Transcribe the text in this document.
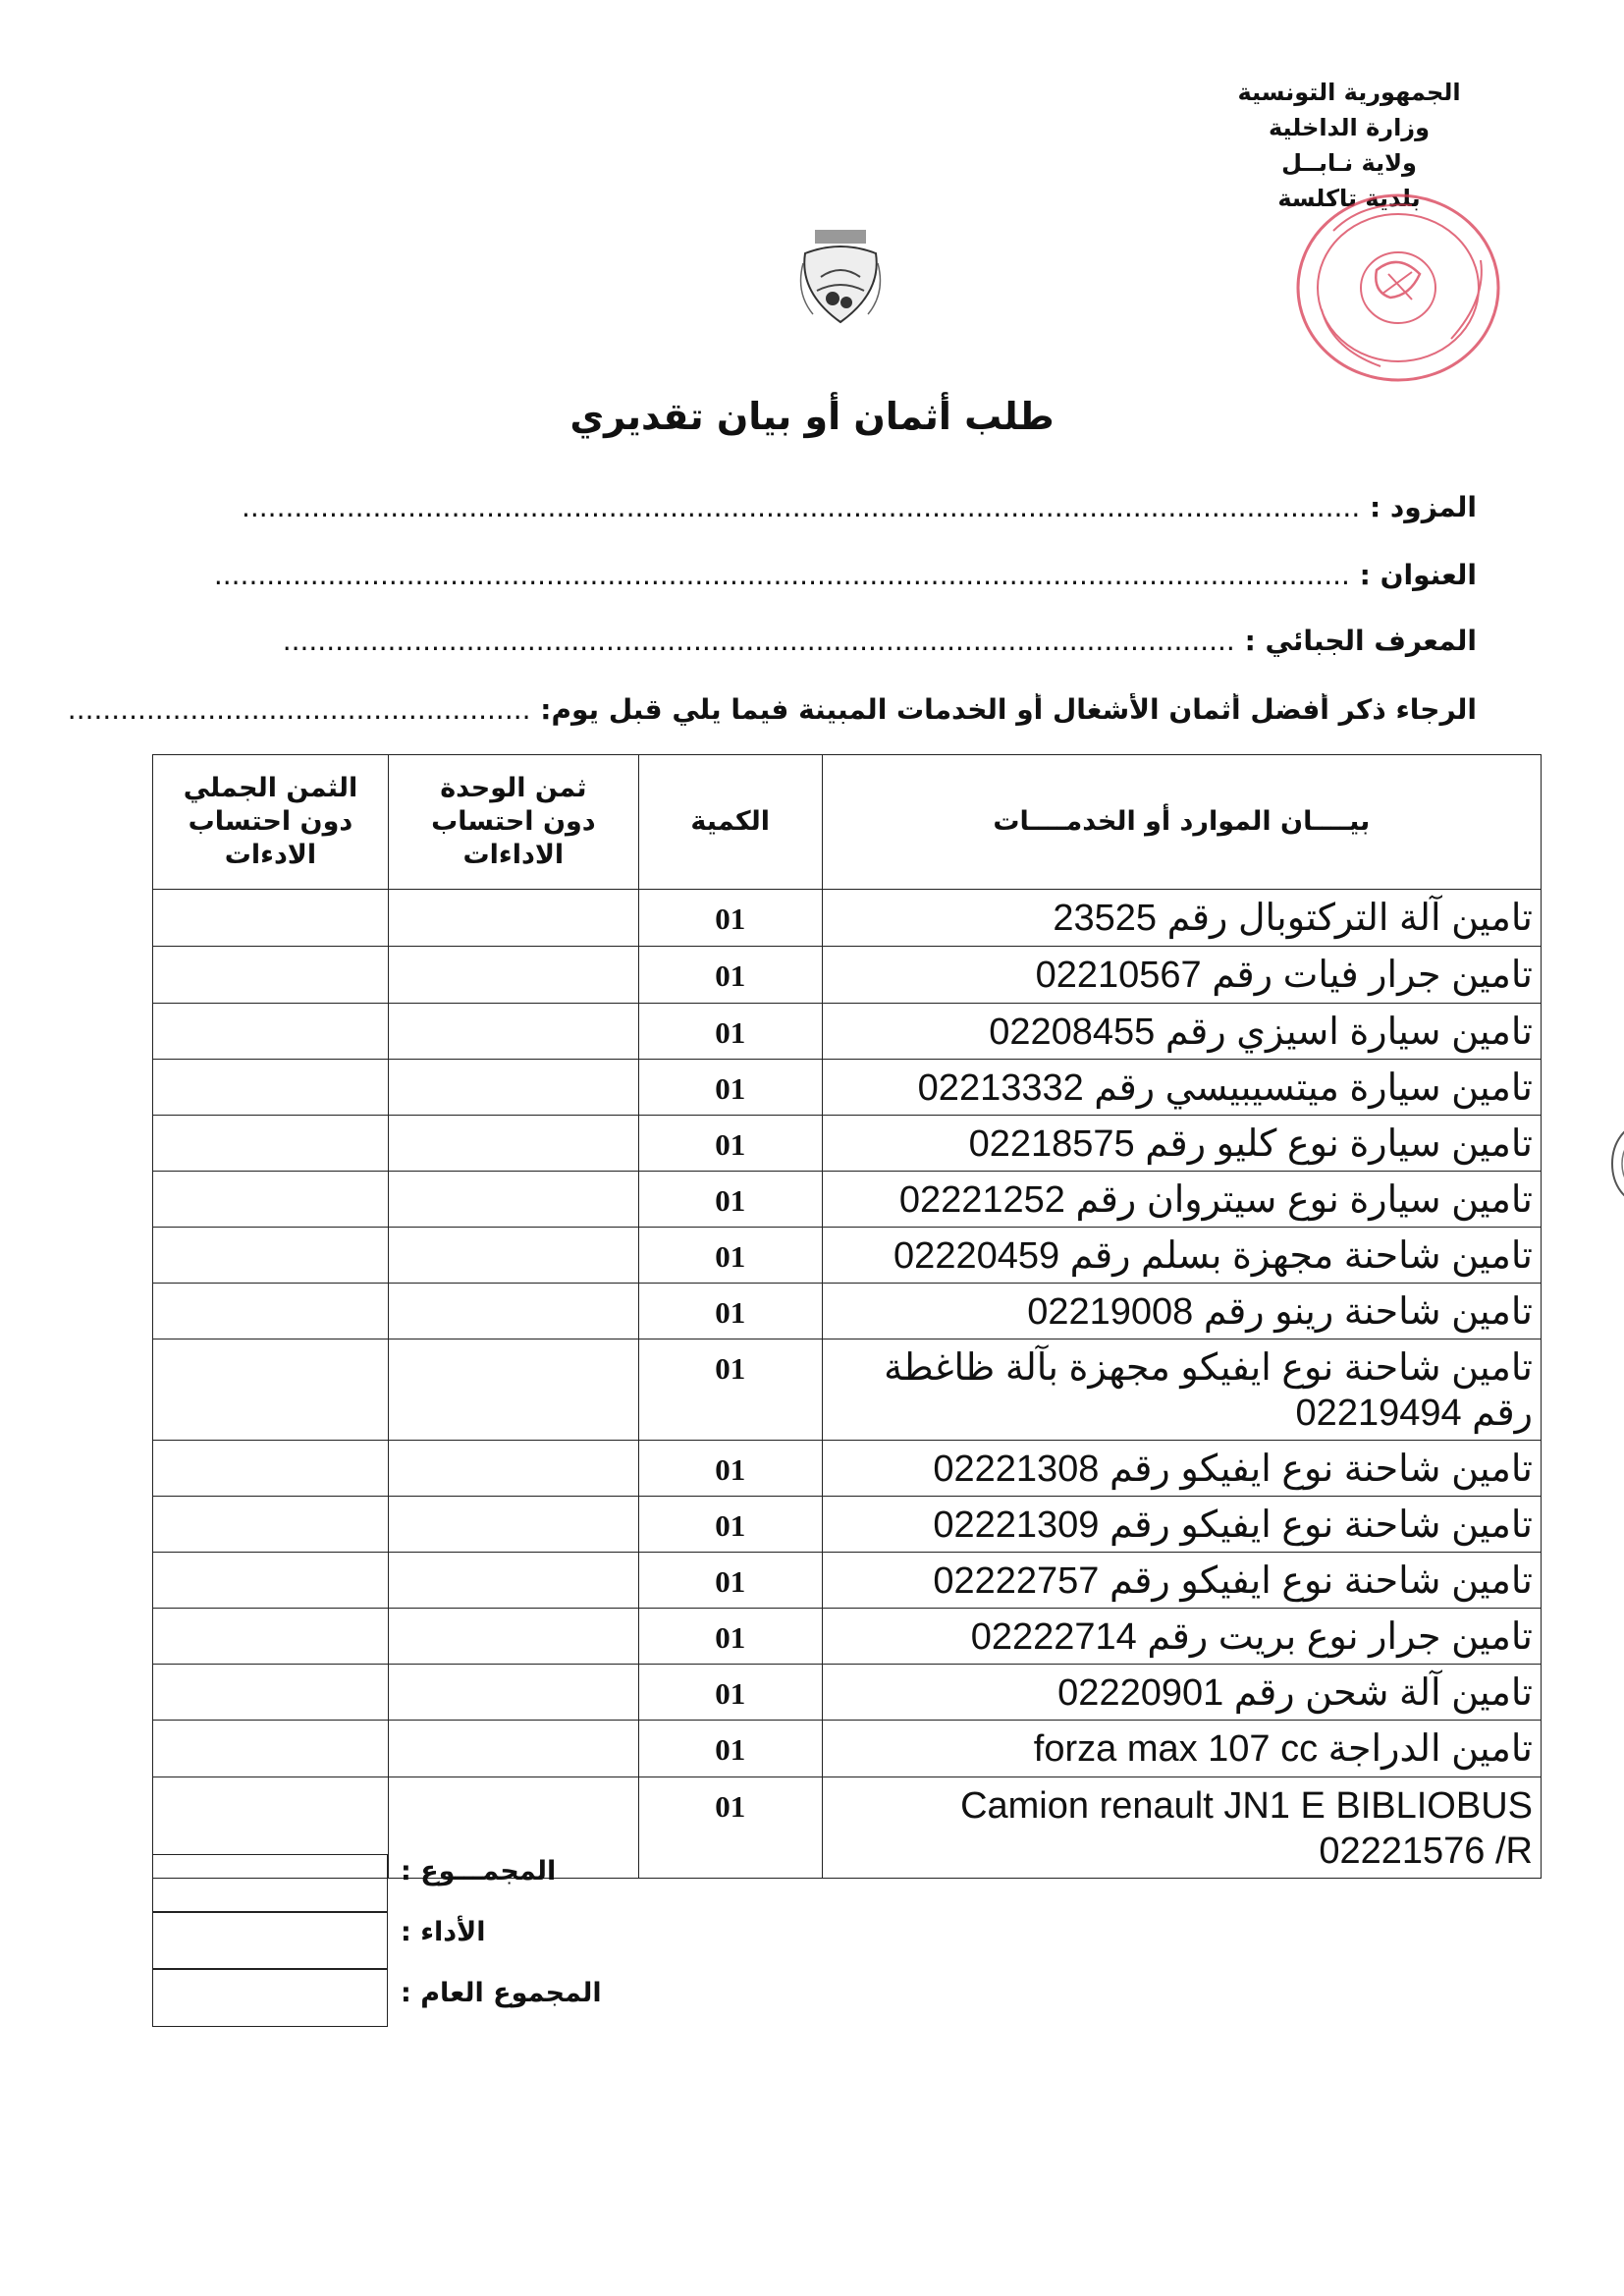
الجمهورية التونسية
وزارة الداخلية
ولاية نـابــل
بلدية تاكلسة
طلب أثمان أو بيان تقديري
المزود : ................................................................................................................................
العنوان : ..................................................................................................................................
المعرف الجبائي : .............................................................................................................
الرجاء ذكر أفضل أثمان الأشغال أو الخدمات المبينة فيما يلي قبل يوم: .....................................................
بيــــان الموارد أو الخدمــــات	الكمية	ثمن الوحدة دون احتساب الاداءات	الثمن الجملي دون احتساب الادءات
تامين آلة التركتوبال رقم 23525	01		
تامين جرار فيات رقم 02210567	01		
تامين سيارة اسيزي رقم 02208455	01		
تامين سيارة ميتسيبيسي رقم 02213332	01		
تامين سيارة نوع كليو رقم 02218575	01		
تامين سيارة نوع سيتروان رقم 02221252	01		
تامين شاحنة مجهزة بسلم رقم 02220459	01		
تامين شاحنة رينو رقم 02219008	01		
تامين شاحنة نوع ايفيكو مجهزة بآلة ظاغطة رقم 02219494	01		
تامين شاحنة نوع ايفيكو رقم 02221308	01		
تامين شاحنة نوع ايفيكو رقم 02221309	01		
تامين شاحنة نوع ايفيكو رقم 02222757	01		
تامين جرار نوع بريت رقم 02222714	01		
تامين آلة شحن رقم 02220901	01		
تامين الدراجة forza max 107 cc	01		
Camion renault JN1 E BIBLIOBUS 02221576 /R	01		
المجمـــوع :
الأداء :
المجموع العام :
